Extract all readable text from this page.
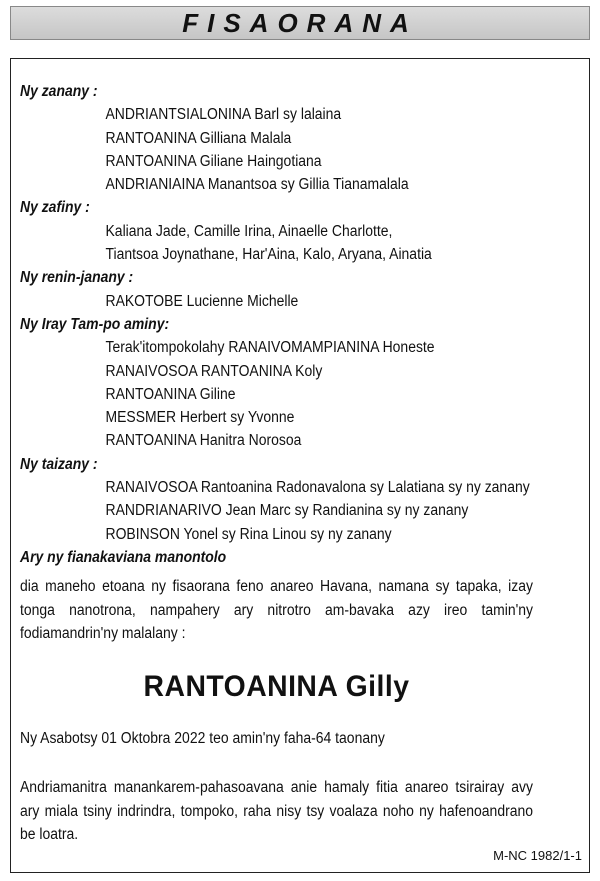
FISAORANA
Ny zanany :
ANDRIANTSIALONINA Barl sy lalaina
RANTOANINA Gilliana Malala
RANTOANINA Giliane Haingotiana
ANDRIANIAINA Manantsoa sy Gillia Tianamalala
Ny zafiny :
Kaliana Jade, Camille Irina, Ainaelle Charlotte,
Tiantsoa Joynathane, Har'Aina, Kalo, Aryana, Ainatia
Ny renin-janany :
RAKOTOBE Lucienne Michelle
Ny Iray Tam-po aminy:
Terak'itompokolahy RANAIVOMAMPIANINA Honeste
RANAIVOSOA RANTOANINA Koly
RANTOANINA Giline
MESSMER Herbert sy Yvonne
RANTOANINA Hanitra Norosoa
Ny taizany :
RANAIVOSOA Rantoanina Radonavalona sy Lalatiana sy ny zanany
RANDRIANARIVO Jean Marc sy Randianina sy ny zanany
ROBINSON Yonel sy Rina Linou sy ny zanany
Ary ny fianakaviana manontolo

dia maneho etoana ny fisaorana feno anareo Havana, namana sy tapaka, izay tonga nanotrona, nampahery ary nitrotro am-bavaka azy ireo tamin'ny fodiamandrin'ny malalany :

RANTOANINA Gilly
Ny Asabotsy 01 Oktobra 2022 teo amin'ny faha-64 taonany

Andriamanitra manankarem-pahasoavana anie hamaly fitia anareo tsirairay avy ary miala tsiny indrindra, tompoko, raha nisy tsy voalaza noho ny hafenoandrano be loatra.

M-NC 1982/1-1
